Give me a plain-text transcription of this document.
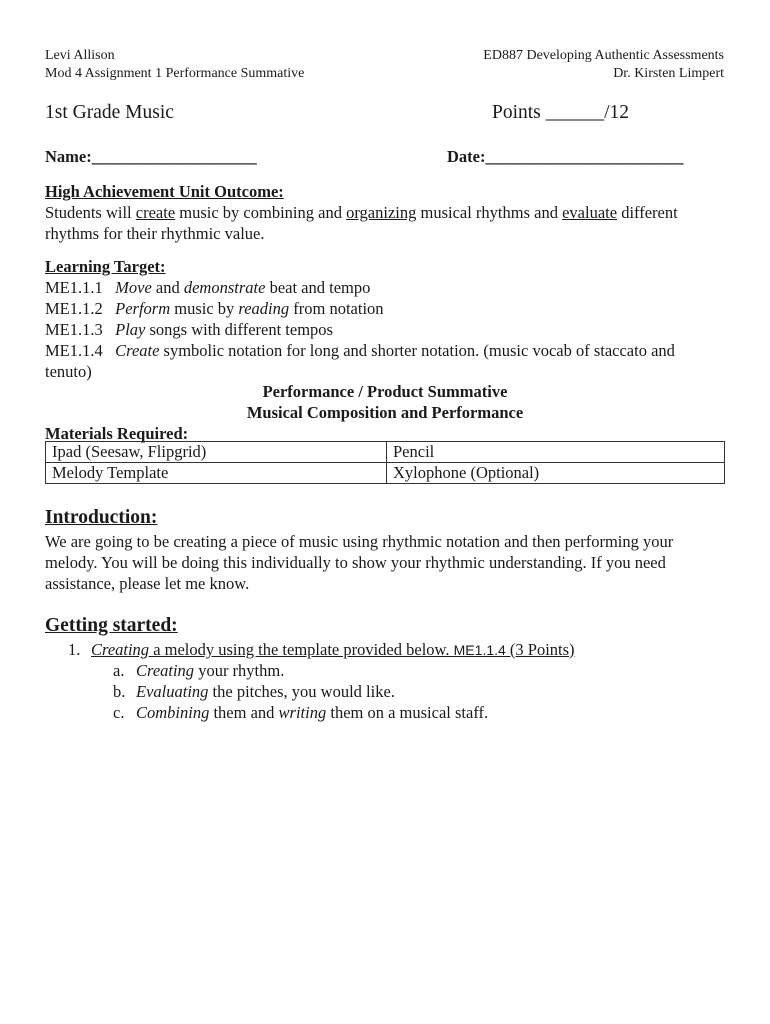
Levi Allison
Mod 4 Assignment 1 Performance Summative
ED887 Developing Authentic Assessments
Dr. Kirsten Limpert
1st Grade Music	Points ______/12
Name:____________________	Date:________________________
High Achievement Unit Outcome:
Students will create music by combining and organizing musical rhythms and evaluate different
rhythms for their rhythmic value.
Learning Target:
ME1.1.1 Move and demonstrate beat and tempo
ME1.1.2 Perform music by reading from notation
ME1.1.3 Play songs with different tempos
ME1.1.4 Create symbolic notation for long and shorter notation. (music vocab of staccato and
tenuto)
Performance / Product Summative
Musical Composition and Performance
Materials Required:
Ipad (Seesaw, Flipgrid)	Pencil
Melody Template	Xylophone (Optional)
Introduction:
We are going to be creating a piece of music using rhythmic notation and then performing your
melody. You will be doing this individually to show your rhythmic understanding. If you need
assistance, please let me know.
Getting started:
1. Creating a melody using the template provided below. ME1.1.4 (3 Points)
a. Creating your rhythm.
b. Evaluating the pitches, you would like.
c. Combining them and writing them on a musical staff.
